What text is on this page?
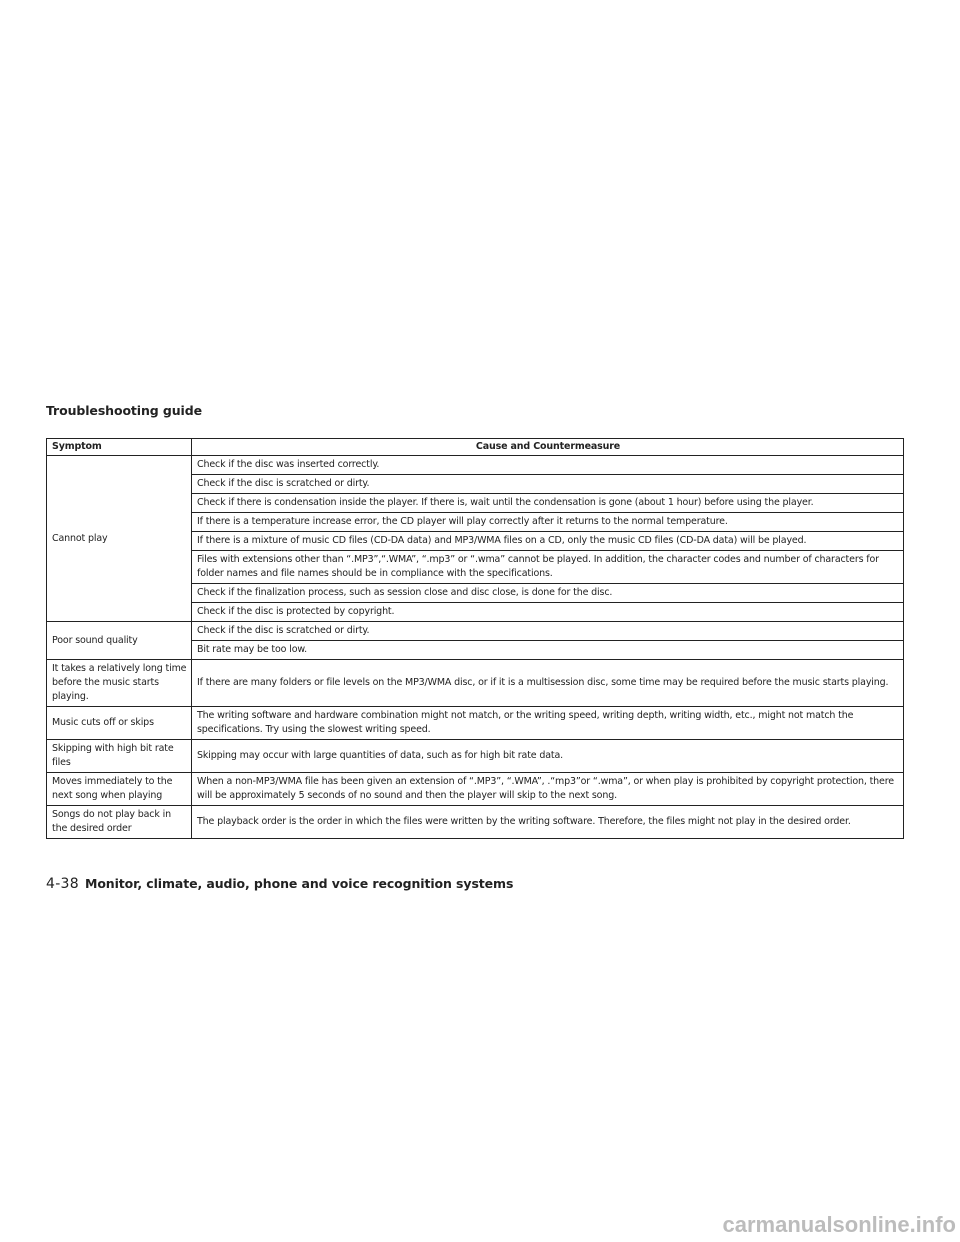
Troubleshooting guide
Symptom	Cause and Countermeasure
Cannot play	Check if the disc was inserted correctly.
	Check if the disc is scratched or dirty.
	Check if there is condensation inside the player. If there is, wait until the condensation is gone (about 1 hour) before using the player.
	If there is a temperature increase error, the CD player will play correctly after it returns to the normal temperature.
	If there is a mixture of music CD files (CD-DA data) and MP3/WMA files on a CD, only the music CD files (CD-DA data) will be played.
	Files with extensions other than “.MP3”,“.WMA”, “.mp3” or “.wma” cannot be played. In addition, the character codes and number of characters for folder names and file names should be in compliance with the specifications.
	Check if the finalization process, such as session close and disc close, is done for the disc.
	Check if the disc is protected by copyright.
Poor sound quality	Check if the disc is scratched or dirty.
	Bit rate may be too low.
It takes a relatively long time before the music starts playing.	If there are many folders or file levels on the MP3/WMA disc, or if it is a multisession disc, some time may be required before the music starts playing.
Music cuts off or skips	The writing software and hardware combination might not match, or the writing speed, writing depth, writing width, etc., might not match the specifications. Try using the slowest writing speed.
Skipping with high bit rate files	Skipping may occur with large quantities of data, such as for high bit rate data.
Moves immediately to the next song when playing	When a non-MP3/WMA file has been given an extension of “.MP3”, “.WMA”, .“mp3”or “.wma”, or when play is prohibited by copyright protection, there will be approximately 5 seconds of no sound and then the player will skip to the next song.
Songs do not play back in the desired order	The playback order is the order in which the files were written by the writing software. Therefore, the files might not play in the desired order.
4-38 Monitor, climate, audio, phone and voice recognition systems
carmanualsonline.info
